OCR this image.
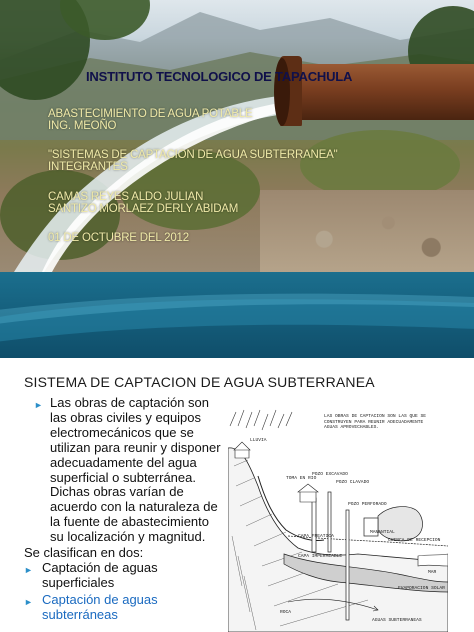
INSTITUTO TECNOLOGICO DE TAPACHULA

ABASTECIMIENTO DE AGUA POTABLE

ING. MEOÑO

"SISTEMAS DE CAPTACION DE AGUA SUBTERRANEA"

INTEGRANTES

CAMAS REYES ALDO JULIAN

SANTIZO MORLAEZ DERLY ABIDAM

01 DE OCTUBRE DEL 2012

SISTEMA DE CAPTACION DE AGUA SUBTERRANEA
► Las obras de captación son las obras civiles y equipos electromecánicos que se utilizan para reunir y disponer adecuadamente del agua superficial o subterránea. Dichas obras varían de acuerdo con la naturaleza de la fuente de abastecimiento su localización y magnitud.
Se clasifican en dos:
► Captación de aguas superficiales
► Captación de aguas subterráneas
LAS OBRAS DE CAPTACION SON LAS QUE SE
CONSTRUYEN PARA REUNIR ADECUADAMENTE
AGUAS APROVECHABLES.
LLUVIA
TOMA EN RIO
POZO EXCAVADO
POZO CLAVADO
POZO PERFORADO
MANANTIAL
CUENCA DE RECEPCION
CAPA FREATICA
CAPA IMPERMEABLE
EVAPORACION SOLAR
MAR
ROCA
AGUAS SUBTERRANEAS
